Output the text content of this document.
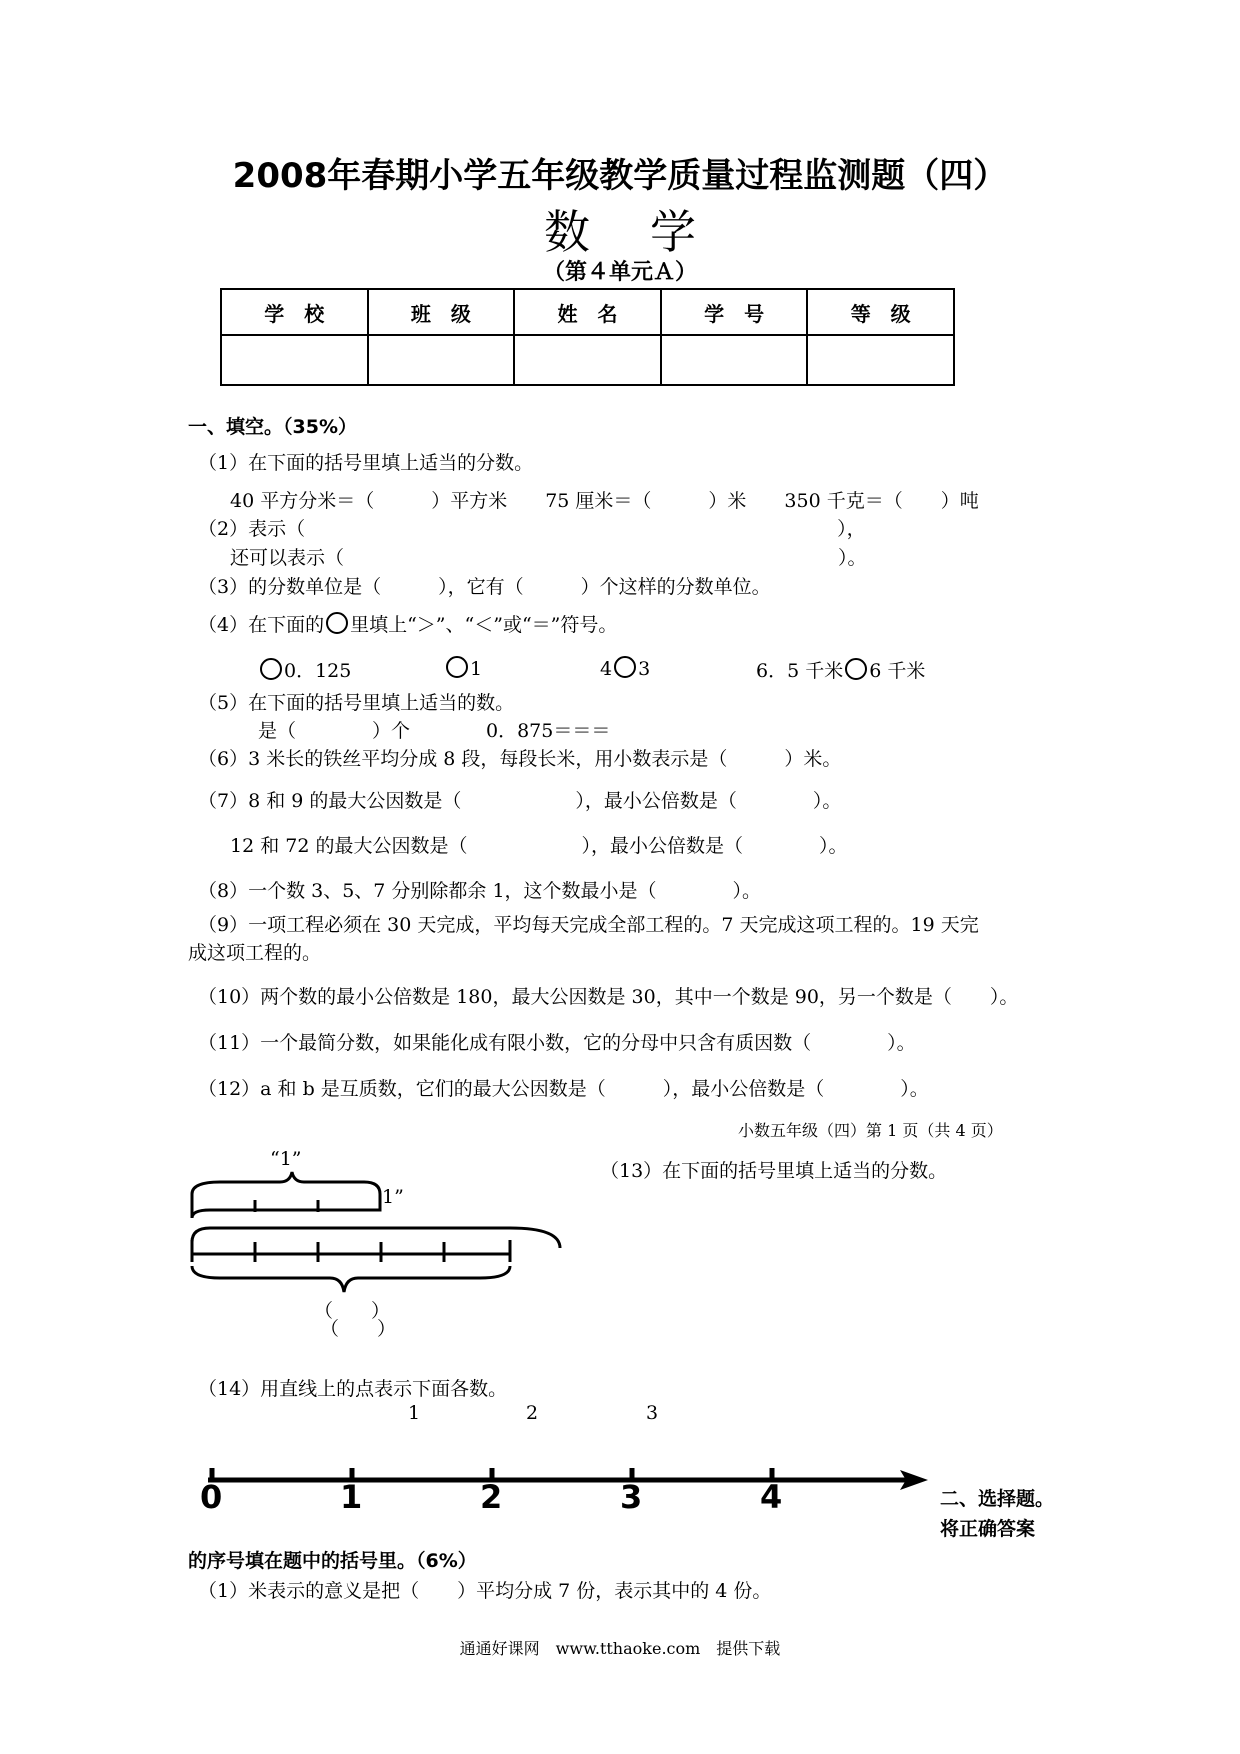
2008年春期小学五年级教学质量过程监测题（四）
数学
（第４单元Ａ）
学　校	班　级	姓　名	学　号	等　级

一、填空。（35%）
（1）在下面的括号里填上适当的分数。
40 平方分米＝（　　　）平方米　　75 厘米＝（　　　）米　　350 千克＝（　　）吨
（2）表示（　　　　　　　　　　　　　　　　　　　　　　　　　　　　），
还可以表示（　　　　　　　　　　　　　　　　　　　　　　　　　　）。
（3）的分数单位是（　　　），它有（　　　）个这样的分数单位。
（4）在下面的 里填上“＞”、“＜”或“＝”符号。
0．125	1	4 3	6．5 千米 6 千米
（5）在下面的括号里填上适当的数。
是（　　　　）个　　　　0．875＝＝＝
（6）3 米长的铁丝平均分成 8 段，每段长米，用小数表示是（　　　）米。
（7）8 和 9 的最大公因数是（　　　　　　），最小公倍数是（　　　　）。
12 和 72 的最大公因数是（　　　　　　），最小公倍数是（　　　　）。
（8）一个数 3、5、7 分别除都余 1，这个数最小是（　　　　）。
（9）一项工程必须在 30 天完成，平均每天完成全部工程的。7 天完成这项工程的。19 天完
成这项工程的。
（10）两个数的最小公倍数是 180，最大公因数是 30，其中一个数是 90，另一个数是（　　）。
（11）一个最简分数，如果能化成有限小数，它的分母中只含有质因数（　　　　）。
（12）a 和 b 是互质数，它们的最大公因数是（　　　），最小公倍数是（　　　　）。
小数五年级（四）第 1 页（共 4 页）
（13）在下面的括号里填上适当的分数。
“1”
1”
（　　）
（　　）
（14）用直线上的点表示下面各数。
1	2	3
0	1	2	3	4	二、选择题。
将正确答案
的序号填在题中的括号里。（6%）
（1）米表示的意义是把（　　）平均分成 7 份，表示其中的 4 份。
通通好课网　www.tthaoke.com　提供下载
